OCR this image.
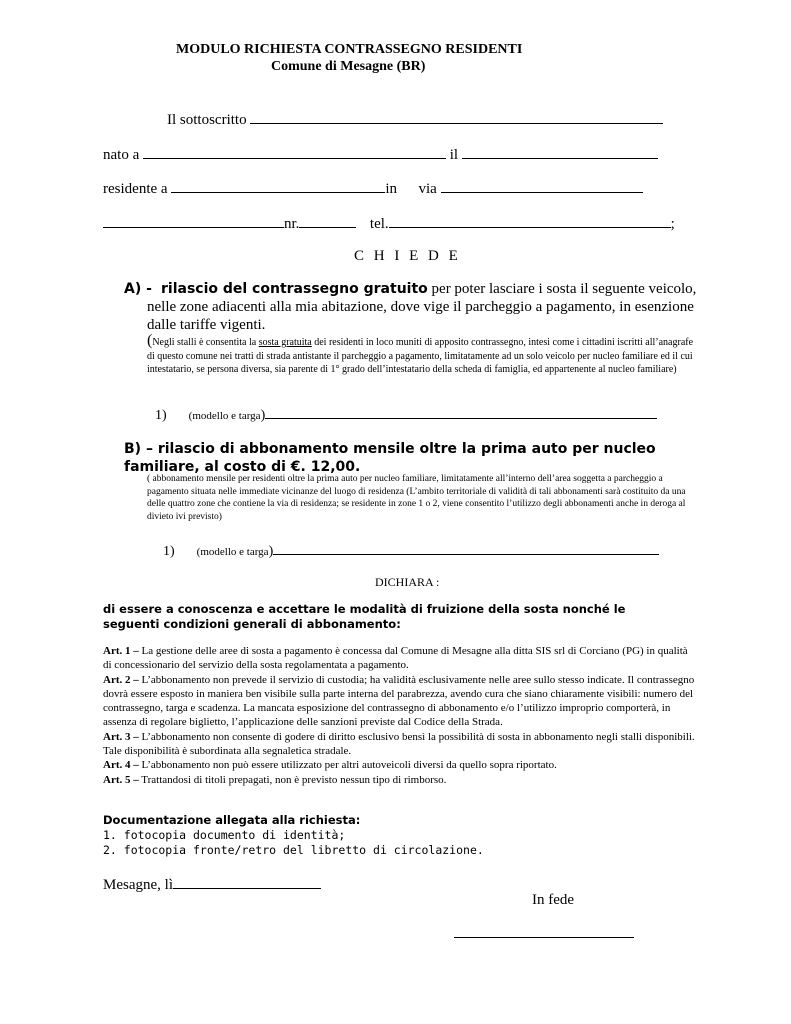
MODULO RICHIESTA CONTRASSEGNO RESIDENTI
Comune di Mesagne (BR)
Il sottoscritto
nato a	il
residente a	in via
nr.	tel.	;
C H I E D E
A) - rilascio del contrassegno gratuito per poter lasciare i sosta il seguente veicolo, nelle zone adiacenti alla mia abitazione, dove vige il parcheggio a pagamento, in esenzione dalle tariffe vigenti.
(Negli stalli è consentita la sosta gratuita dei residenti in loco muniti di apposito contrassegno, intesi come i cittadini iscritti all’anagrafe di questo comune nei tratti di strada antistante il parcheggio a pagamento, limitatamente ad un solo veicolo per nucleo familiare ed il cui intestatario, se persona diversa, sia parente di 1° grado dell’intestatario della scheda di famiglia, ed appartenente al nucleo familiare)
1) (modello e targa)
B) – rilascio di abbonamento mensile oltre la prima auto per nucleo familiare, al costo di €. 12,00.
( abbonamento mensile per residenti oltre la prima auto per nucleo familiare, limitatamente all’interno dell’area soggetta a parcheggio a pagamento situata nelle immediate vicinanze del luogo di residenza (L’ambito territoriale di validità di tali abbonamenti sarà costituito da una delle quattro zone che contiene la via di residenza; se residente in zone 1 o 2, viene consentito l’utilizzo degli abbonamenti anche in deroga al divieto ivi previsto)
1) (modello e targa)
DICHIARA :
di essere a conoscenza e accettare le modalità di fruizione della sosta nonché le seguenti condizioni generali di abbonamento:
Art. 1 – La gestione delle aree di sosta a pagamento è concessa dal Comune di Mesagne alla ditta SIS srl di Corciano (PG) in qualità di concessionario del servizio della sosta regolamentata a pagamento.
Art. 2 – L’abbonamento non prevede il servizio di custodia; ha validità esclusivamente nelle aree sullo stesso indicate. Il contrassegno dovrà essere esposto in maniera ben visibile sulla parte interna del parabrezza, avendo cura che siano chiaramente visibili: numero del contrassegno, targa e scadenza. La mancata esposizione del contrassegno di abbonamento e/o l’utilizzo improprio comporterà, in assenza di regolare biglietto, l’applicazione delle sanzioni previste dal Codice della Strada.
Art. 3 – L’abbonamento non consente di godere di diritto esclusivo bensì la possibilità di sosta in abbonamento negli stalli disponibili. Tale disponibilità è subordinata alla segnaletica stradale.
Art. 4 – L’abbonamento non può essere utilizzato per altri autoveicoli diversi da quello sopra riportato.
Art. 5 – Trattandosi di titoli prepagati, non è previsto nessun tipo di rimborso.
Documentazione allegata alla richiesta:
1. fotocopia documento di identità;
2. fotocopia fronte/retro del libretto di circolazione.
Mesagne, lì
In fede
